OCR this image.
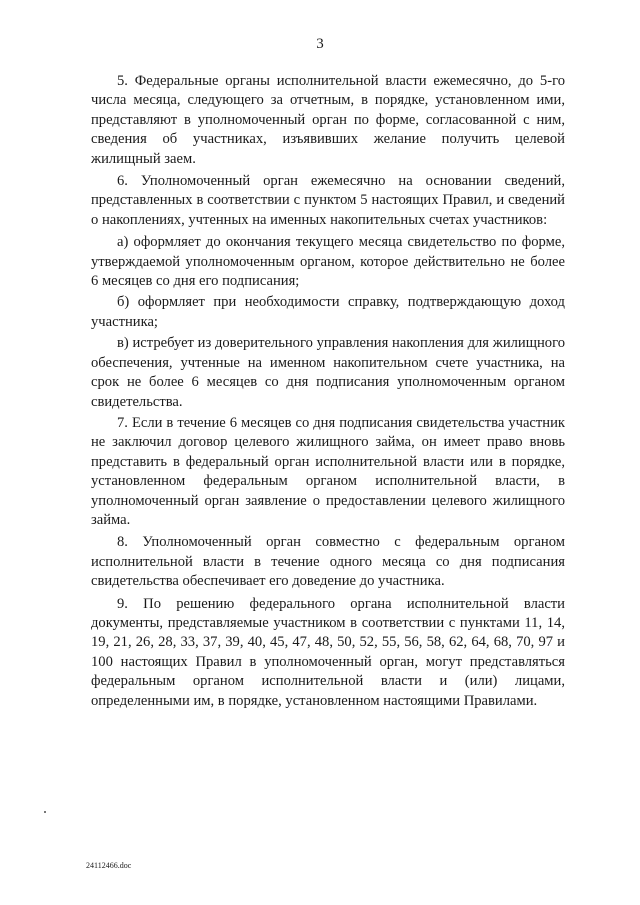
3

5. Федеральные органы исполнительной власти ежемесячно, до 5-го числа месяца, следующего за отчетным, в порядке, установленном ими, представляют в уполномоченный орган по форме, согласованной с ним, сведения об участниках, изъявивших желание получить целевой жилищный заем.

6. Уполномоченный орган ежемесячно на основании сведений, представленных в соответствии с пунктом 5 настоящих Правил, и сведений о накоплениях, учтенных на именных накопительных счетах участников:

а) оформляет до окончания текущего месяца свидетельство по форме, утверждаемой уполномоченным органом, которое действительно не более 6 месяцев со дня его подписания;

б) оформляет при необходимости справку, подтверждающую доход участника;

в) истребует из доверительного управления накопления для жилищного обеспечения, учтенные на именном накопительном счете участника, на срок не более 6 месяцев со дня подписания уполномоченным органом свидетельства.

7. Если в течение 6 месяцев со дня подписания свидетельства участник не заключил договор целевого жилищного займа, он имеет право вновь представить в федеральный орган исполнительной власти или в порядке, установленном федеральным органом исполнительной власти, в уполномоченный орган заявление о предоставлении целевого жилищного займа.

8. Уполномоченный орган совместно с федеральным органом исполнительной власти в течение одного месяца со дня подписания свидетельства обеспечивает его доведение до участника.

9. По решению федерального органа исполнительной власти документы, представляемые участником в соответствии с пунктами 11, 14, 19, 21, 26, 28, 33, 37, 39, 40, 45, 47, 48, 50, 52, 55, 56, 58, 62, 64, 68, 70, 97 и 100 настоящих Правил в уполномоченный орган, могут представляться федеральным органом исполнительной власти и (или) лицами, определенными им, в порядке, установленном настоящими Правилами.

24112466.doc
